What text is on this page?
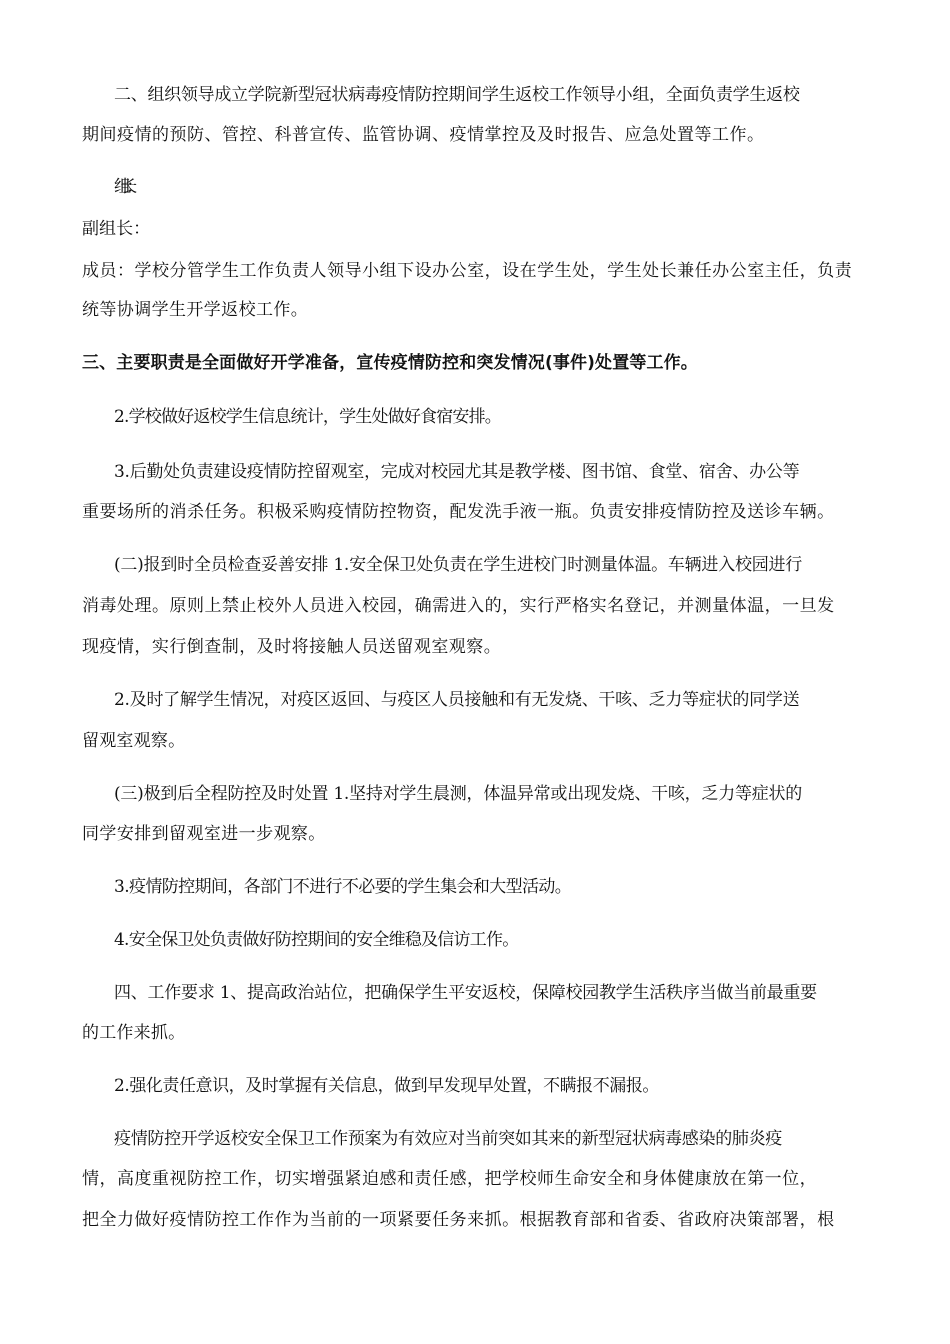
二、组织领导成立学院新型冠状病毒疫情防控期间学生返校工作领导小组，全面负责学生返校
期间疫情的预防、管控、科普宣传、监管协调、疫情掌控及及时报告、应急处置等工作。
组长：
副组长：
成员：学校分管学生工作负责人领导小组下设办公室，设在学生处，学生处长兼任办公室主任，负责
统等协调学生开学返校工作。
三、主要职责是全面做好开学准备，宣传疫情防控和突发情况(事件)处置等工作。
2.学校做好返校学生信息统计，学生处做好食宿安排。
3.后勤处负责建设疫情防控留观室，完成对校园尤其是教学楼、图书馆、食堂、宿舍、办公等
重要场所的消杀任务。积极采购疫情防控物资，配发洗手液一瓶。负责安排疫情防控及送诊车辆。
(二)报到时全员检查妥善安排 1.安全保卫处负责在学生进校门时测量体温。车辆进入校园进行
消毒处理。原则上禁止校外人员进入校园，确需进入的，实行严格实名登记，并测量体温，一旦发
现疫情，实行倒查制，及时将接触人员送留观室观察。
2.及时了解学生情况，对疫区返回、与疫区人员接触和有无发烧、干咳、乏力等症状的同学送
留观室观察。
(三)极到后全程防控及时处置 1.坚持对学生晨测，体温异常或出现发烧、干咳，乏力等症状的
同学安排到留观室进一步观察。
3.疫情防控期间，各部门不进行不必要的学生集会和大型活动。
4.安全保卫处负责做好防控期间的安全维稳及信访工作。
四、工作要求 1、提高政治站位，把确保学生平安返校，保障校园教学生活秩序当做当前最重要
的工作来抓。
2.强化责任意识，及时掌握有关信息，做到早发现早处置，不瞒报不漏报。
疫情防控开学返校安全保卫工作预案为有效应对当前突如其来的新型冠状病毒感染的肺炎疫
情，高度重视防控工作，切实增强紧迫感和责任感，把学校师生命安全和身体健康放在第一位，
把全力做好疫情防控工作作为当前的一项紧要任务来抓。根据教育部和省委、省政府决策部署，根
